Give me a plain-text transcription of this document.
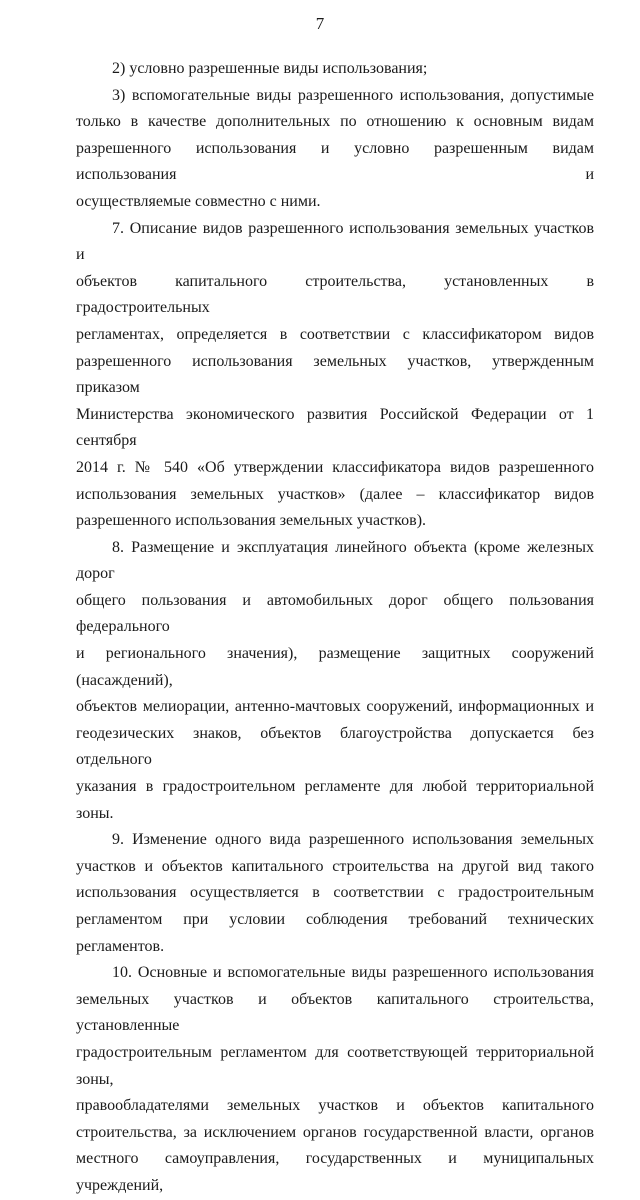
7

2) условно разрешенные виды использования;

3) вспомогательные виды разрешенного использования, допустимые

только в качестве дополнительных по отношению к основным видам

разрешенного использования и условно разрешенным видам использования и

осуществляемые совместно с ними.

7. Описание видов разрешенного использования земельных участков и

объектов капитального строительства, установленных в градостроительных

регламентах, определяется в соответствии с классификатором видов

разрешенного использования земельных участков, утвержденным приказом

Министерства экономического развития Российской Федерации от 1 сентября

2014 г. № 540 «Об утверждении классификатора видов разрешенного

использования земельных участков» (далее – классификатор видов

разрешенного использования земельных участков).

8. Размещение и эксплуатация линейного объекта (кроме железных дорог

общего пользования и автомобильных дорог общего пользования федерального

и регионального значения), размещение защитных сооружений (насаждений),

объектов мелиорации, антенно-мачтовых сооружений, информационных и

геодезических знаков, объектов благоустройства допускается без отдельного

указания в градостроительном регламенте для любой территориальной зоны.

9. Изменение одного вида разрешенного использования земельных

участков и объектов капитального строительства на другой вид такого

использования осуществляется в соответствии с градостроительным

регламентом при условии соблюдения требований технических регламентов.

10. Основные и вспомогательные виды разрешенного использования

земельных участков и объектов капитального строительства, установленные

градостроительным регламентом для соответствующей территориальной зоны,

правообладателями земельных участков и объектов капитального

строительства, за исключением органов государственной власти, органов

местного самоуправления, государственных и муниципальных учреждений,
